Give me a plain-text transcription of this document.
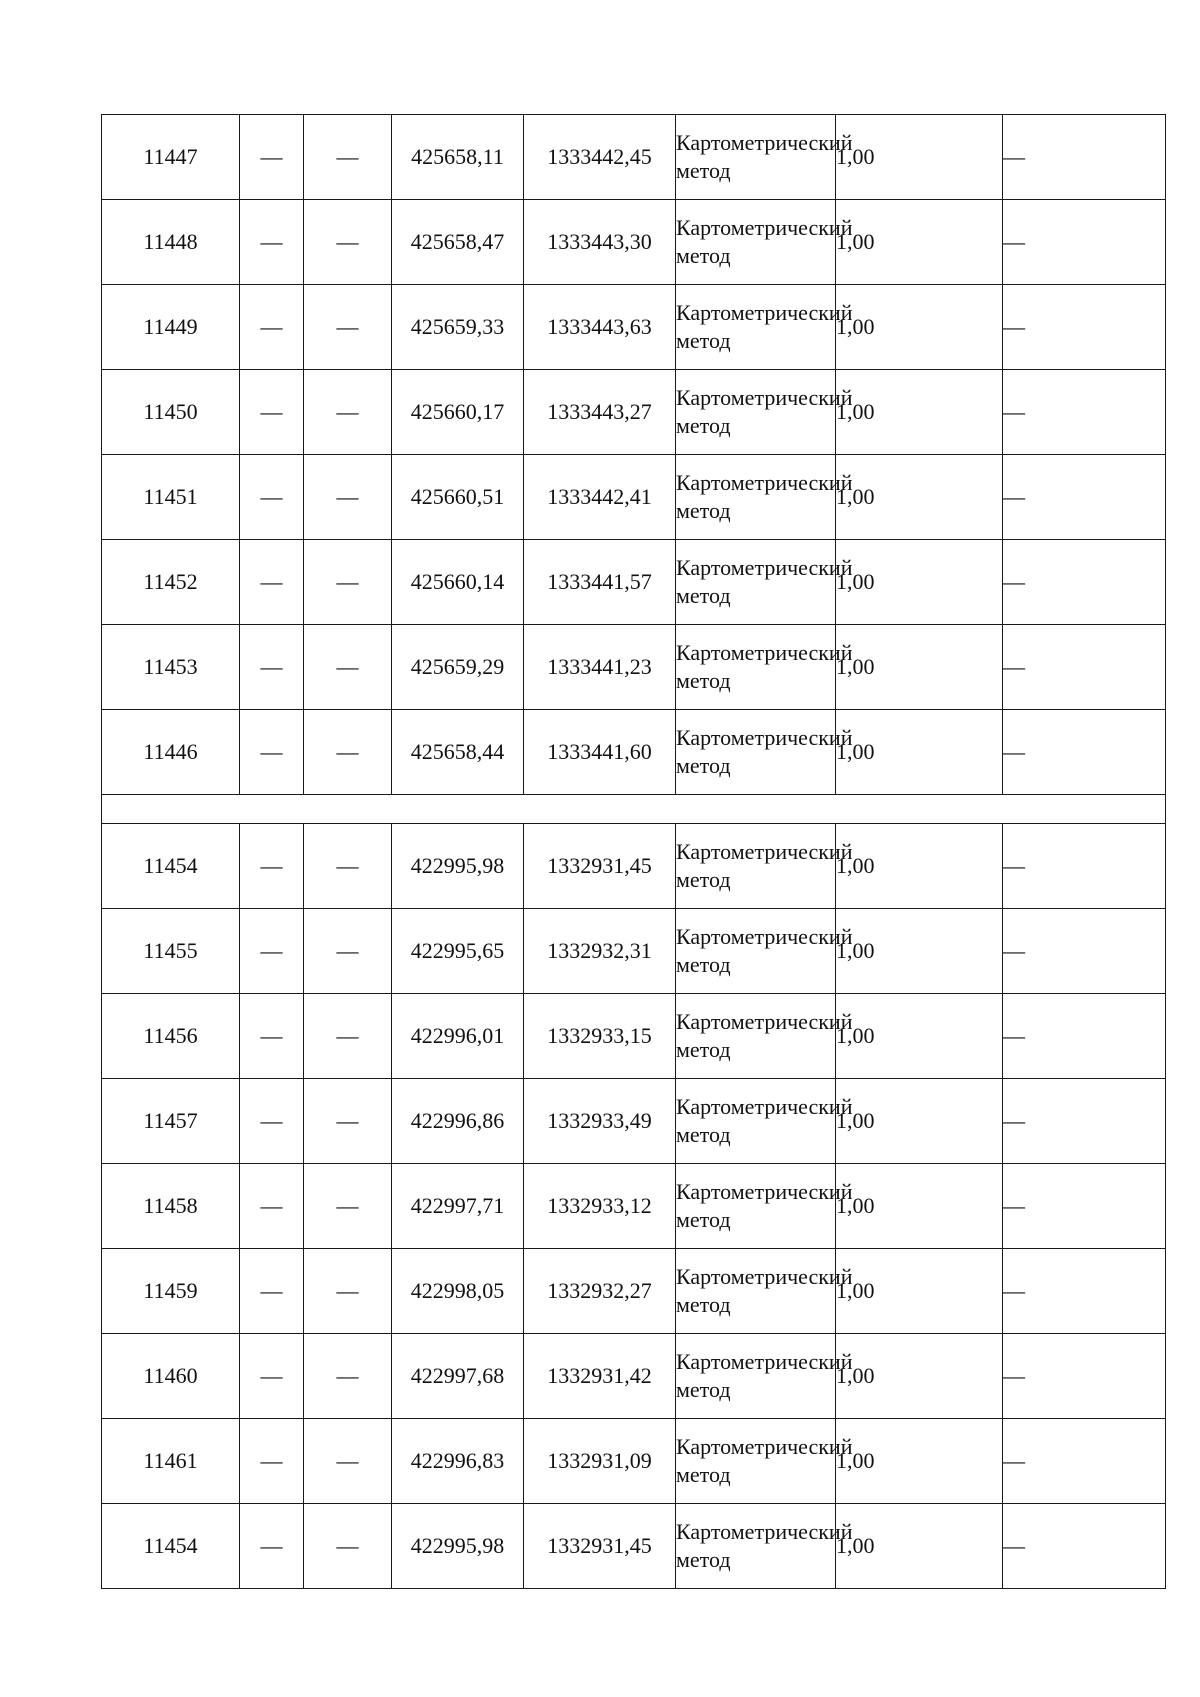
11447	—	—	425658,11	1333442,45	Картометрический метод	1,00	—
11448	—	—	425658,47	1333443,30	Картометрический метод	1,00	—
11449	—	—	425659,33	1333443,63	Картометрический метод	1,00	—
11450	—	—	425660,17	1333443,27	Картометрический метод	1,00	—
11451	—	—	425660,51	1333442,41	Картометрический метод	1,00	—
11452	—	—	425660,14	1333441,57	Картометрический метод	1,00	—
11453	—	—	425659,29	1333441,23	Картометрический метод	1,00	—
11446	—	—	425658,44	1333441,60	Картометрический метод	1,00	—

11454	—	—	422995,98	1332931,45	Картометрический метод	1,00	—
11455	—	—	422995,65	1332932,31	Картометрический метод	1,00	—
11456	—	—	422996,01	1332933,15	Картометрический метод	1,00	—
11457	—	—	422996,86	1332933,49	Картометрический метод	1,00	—
11458	—	—	422997,71	1332933,12	Картометрический метод	1,00	—
11459	—	—	422998,05	1332932,27	Картометрический метод	1,00	—
11460	—	—	422997,68	1332931,42	Картометрический метод	1,00	—
11461	—	—	422996,83	1332931,09	Картометрический метод	1,00	—
11454	—	—	422995,98	1332931,45	Картометрический метод	1,00	—
